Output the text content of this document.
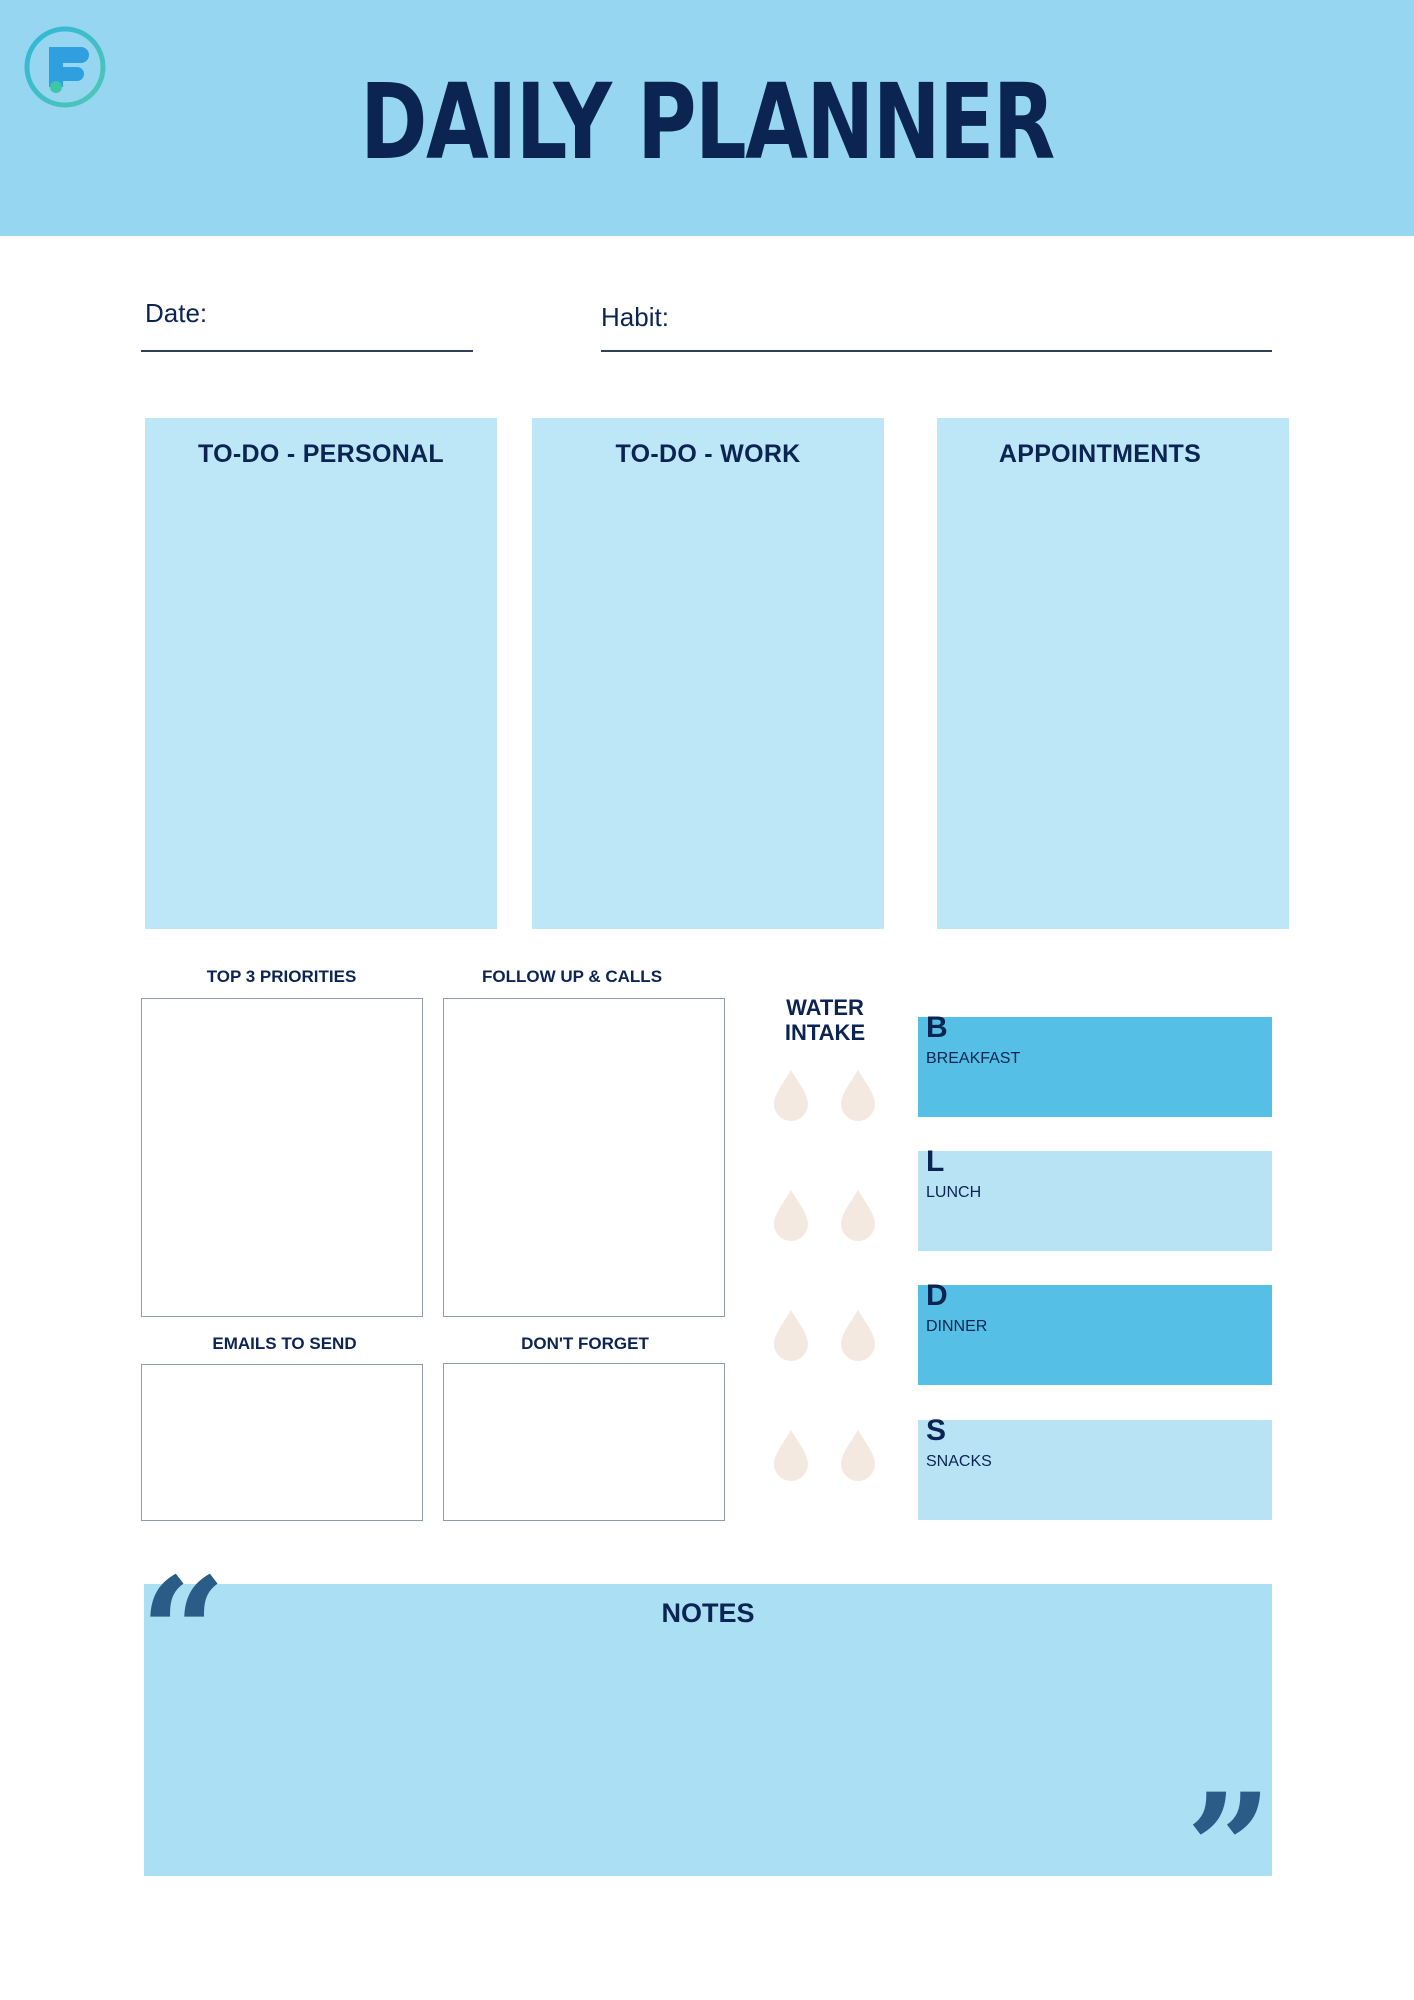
DAILY PLANNER
Date:	Habit:
TO-DO - PERSONAL	TO-DO - WORK	APPOINTMENTS
TOP 3 PRIORITIES	FOLLOW UP & CALLS
EMAILS TO SEND	DON'T FORGET
WATER
INTAKE	B
BREAKFAST
L
LUNCH
D
DINNER
S
SNACKS
“	NOTES
”
